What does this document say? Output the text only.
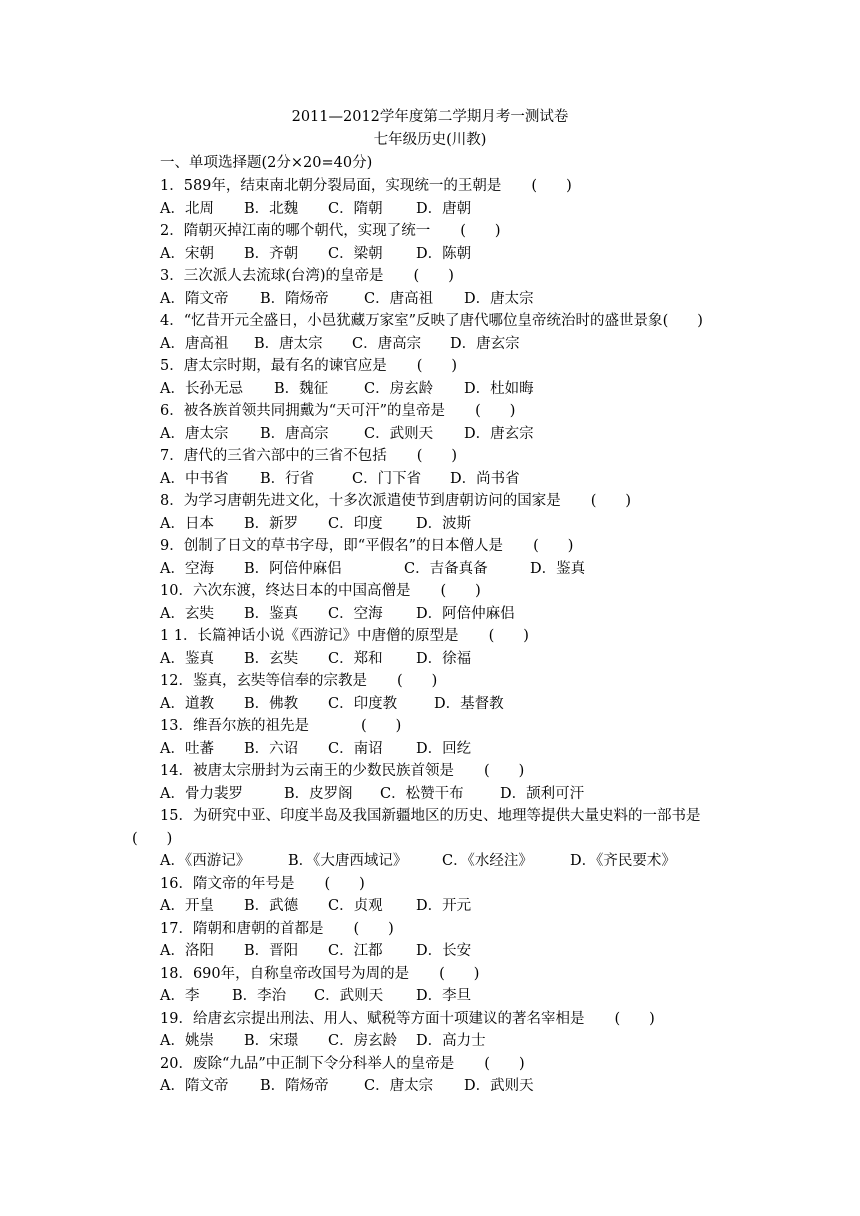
2011—2012学年度第二学期月考一测试卷
七年级历史(川教)
一、单项选择题(2分×20=40分)
1．589年，结束南北朝分裂局面，实现统一的王朝是 (　　)
A．北周 B．北魏 C．隋朝 D．唐朝
2．隋朝灭掉江南的哪个朝代，实现了统一 (　　)
A．宋朝 B．齐朝 C．梁朝 D．陈朝
3．三次派人去流球(台湾)的皇帝是 (　　)
A．隋文帝 B．隋炀帝 C．唐高祖 D．唐太宗
4．“忆昔开元全盛日，小邑犹藏万家室”反映了唐代哪位皇帝统治时的盛世景象(　　)
A．唐高祖 B．唐太宗 C．唐高宗 D．唐玄宗
5．唐太宗时期，最有名的谏官应是 (　　)
A．长孙无忌 B．魏征 C．房玄龄 D．杜如晦
6．被各族首领共同拥戴为“天可汗”的皇帝是 (　　)
A．唐太宗 B．唐高宗 C．武则天 D．唐玄宗
7．唐代的三省六部中的三省不包括 (　　)
A．中书省 B．行省	C．门下省 D．尚书省
8．为学习唐朝先进文化，十多次派遣使节到唐朝访问的国家是 (　　)
A．日本 B．新罗 C．印度 D．波斯
9．创制了日文的草书字母，即“平假名”的日本僧人是 (　　)
A．空海 B．阿倍仲麻侣	C．吉备真备	D．鉴真
10．六次东渡，终达日本的中国高僧是 (　　)
A．玄奘 B．鉴真 C．空海 D．阿倍仲麻侣
1 1．长篇神话小说《西游记》中唐僧的原型是 (　　)
A．鉴真 B．玄奘 C．郑和 D．徐福
12．鉴真，玄奘等信奉的宗教是 (　　)
A．道教 B．佛教 C．印度教	D．基督教
13．维吾尔族的祖先是	(　　)
A．吐蕃 B．六诏 C．南诏 D．回纥
14．被唐太宗册封为云南王的少数民族首领是 (　　)
A．骨力裴罗	B．皮罗阁 C．松赞干布	D．颉利可汗
15．为研究中亚、印度半岛及我国新疆地区的历史、地理等提供大量史料的一部书是(　　)
A．《西游记》	B．《大唐西域记》 C．《水经注》	D．《齐民要术》
16．隋文帝的年号是 (　　)
A．开皇 B．武德 C．贞观 D．开元
17．隋朝和唐朝的首都是 (　　)
A．洛阳 B．晋阳 C．江都 D．长安
18．690年，自称皇帝改国号为周的是 (　　)
A．李 B．李治 C．武则天 D．李旦
19．给唐玄宗提出刑法、用人、赋税等方面十项建议的著名宰相是 (　　)
A．姚崇 B．宋璟 C．房玄龄 D．高力士
20．废除“九品”中正制下令分科举人的皇帝是 (　　)
A．隋文帝 B．隋炀帝 C．唐太宗 D．武则天
